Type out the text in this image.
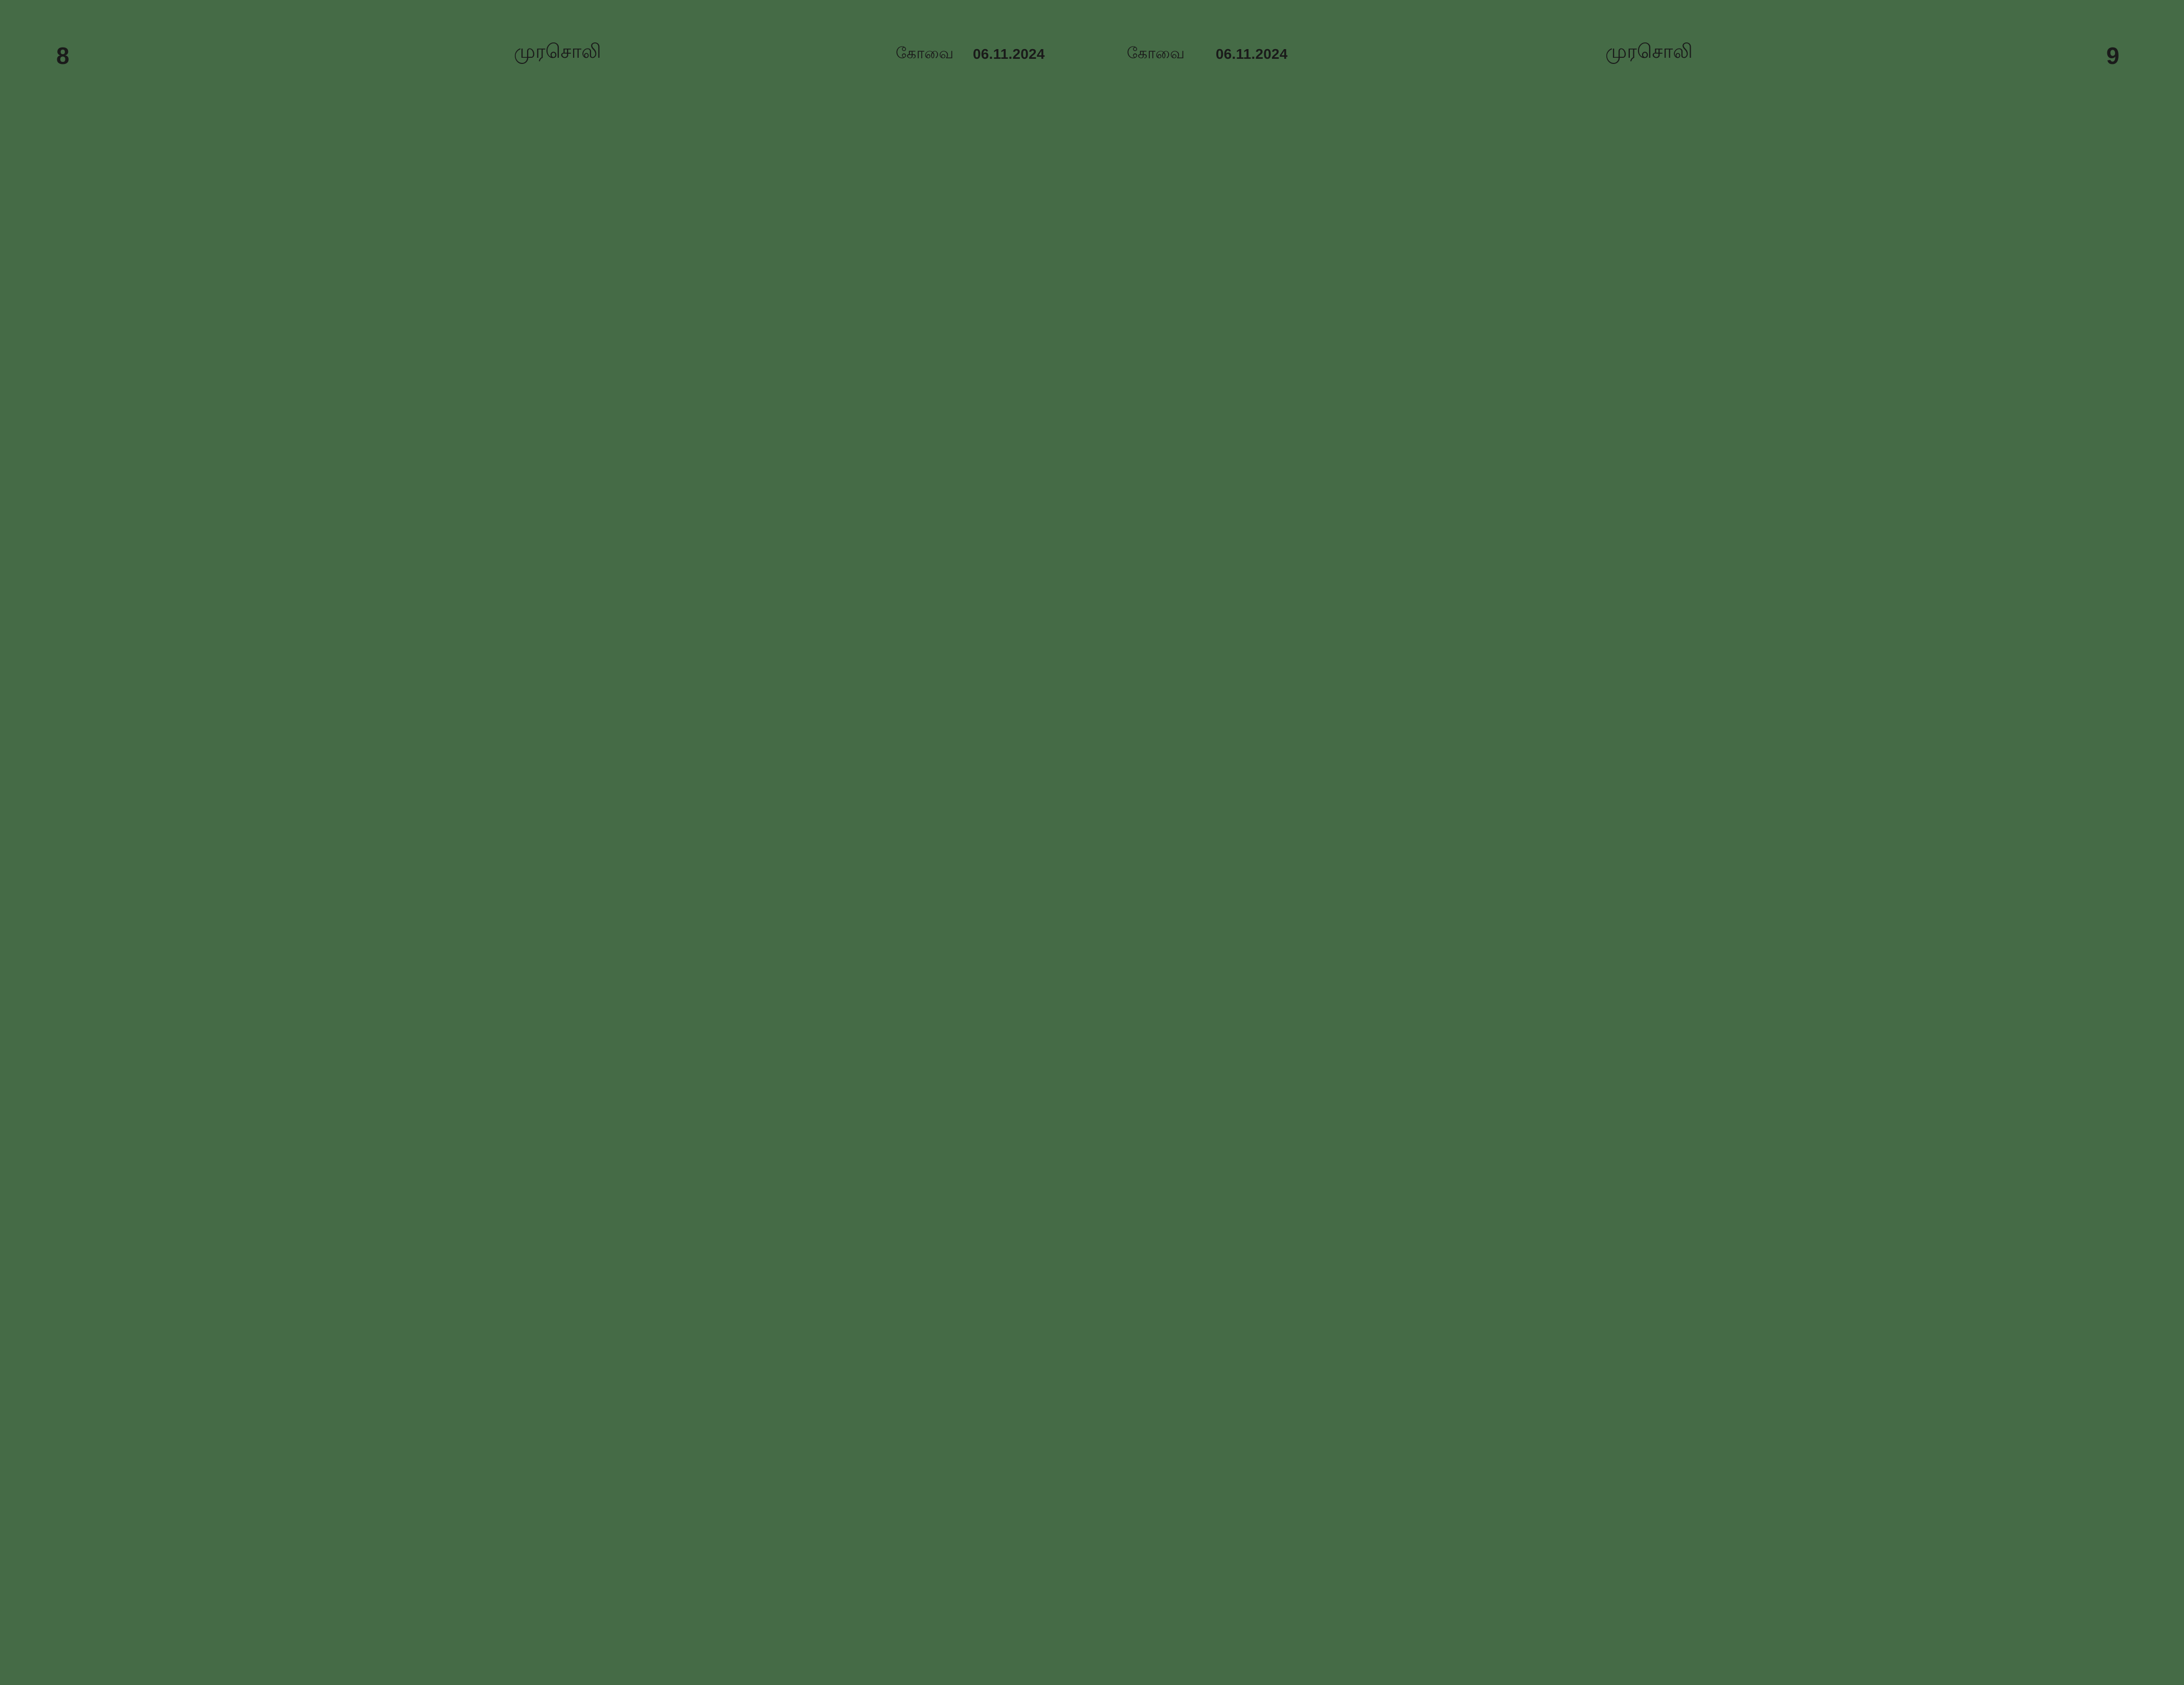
8	முரசொலி	கோவை 06.11.2024	கோவை 06.11.2024	முரசொலி	9
